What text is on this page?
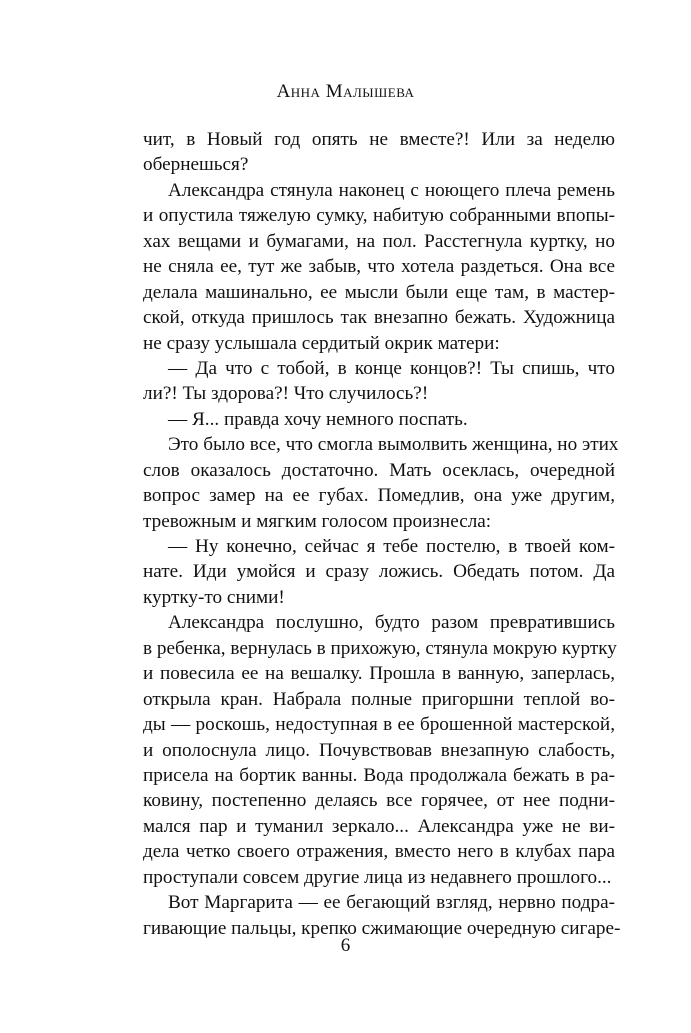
Анна Малышева
чит, в Новый год опять не вместе?! Или за неделю
обернешься?
Александра стянула наконец с ноющего плеча ремень
и опустила тяжелую сумку, набитую собранными впопы-
хах вещами и бумагами, на пол. Расстегнула куртку, но
не сняла ее, тут же забыв, что хотела раздеться. Она все
делала машинально, ее мысли были еще там, в мастер-
ской, откуда пришлось так внезапно бежать. Художница
не сразу услышала сердитый окрик матери:
— Да что с тобой, в конце концов?! Ты спишь, что
ли?! Ты здорова?! Что случилось?!
— Я... правда хочу немного поспать.
Это было все, что смогла вымолвить женщина, но этих
слов оказалось достаточно. Мать осеклась, очередной
вопрос замер на ее губах. Помедлив, она уже другим,
тревожным и мягким голосом произнесла:
— Ну конечно, сейчас я тебе постелю, в твоей ком-
нате. Иди умойся и сразу ложись. Обедать потом. Да
куртку-то сними!
Александра послушно, будто разом превратившись
в ребенка, вернулась в прихожую, стянула мокрую куртку
и повесила ее на вешалку. Прошла в ванную, заперлась,
открыла кран. Набрала полные пригоршни теплой во-
ды — роскошь, недоступная в ее брошенной мастерской,
и ополоснула лицо. Почувствовав внезапную слабость,
присела на бортик ванны. Вода продолжала бежать в ра-
ковину, постепенно делаясь все горячее, от нее подни-
мался пар и туманил зеркало... Александра уже не ви-
дела четко своего отражения, вместо него в клубах пара
проступали совсем другие лица из недавнего прошлого...
Вот Маргарита — ее бегающий взгляд, нервно подра-
гивающие пальцы, крепко сжимающие очередную сигаре-
6
